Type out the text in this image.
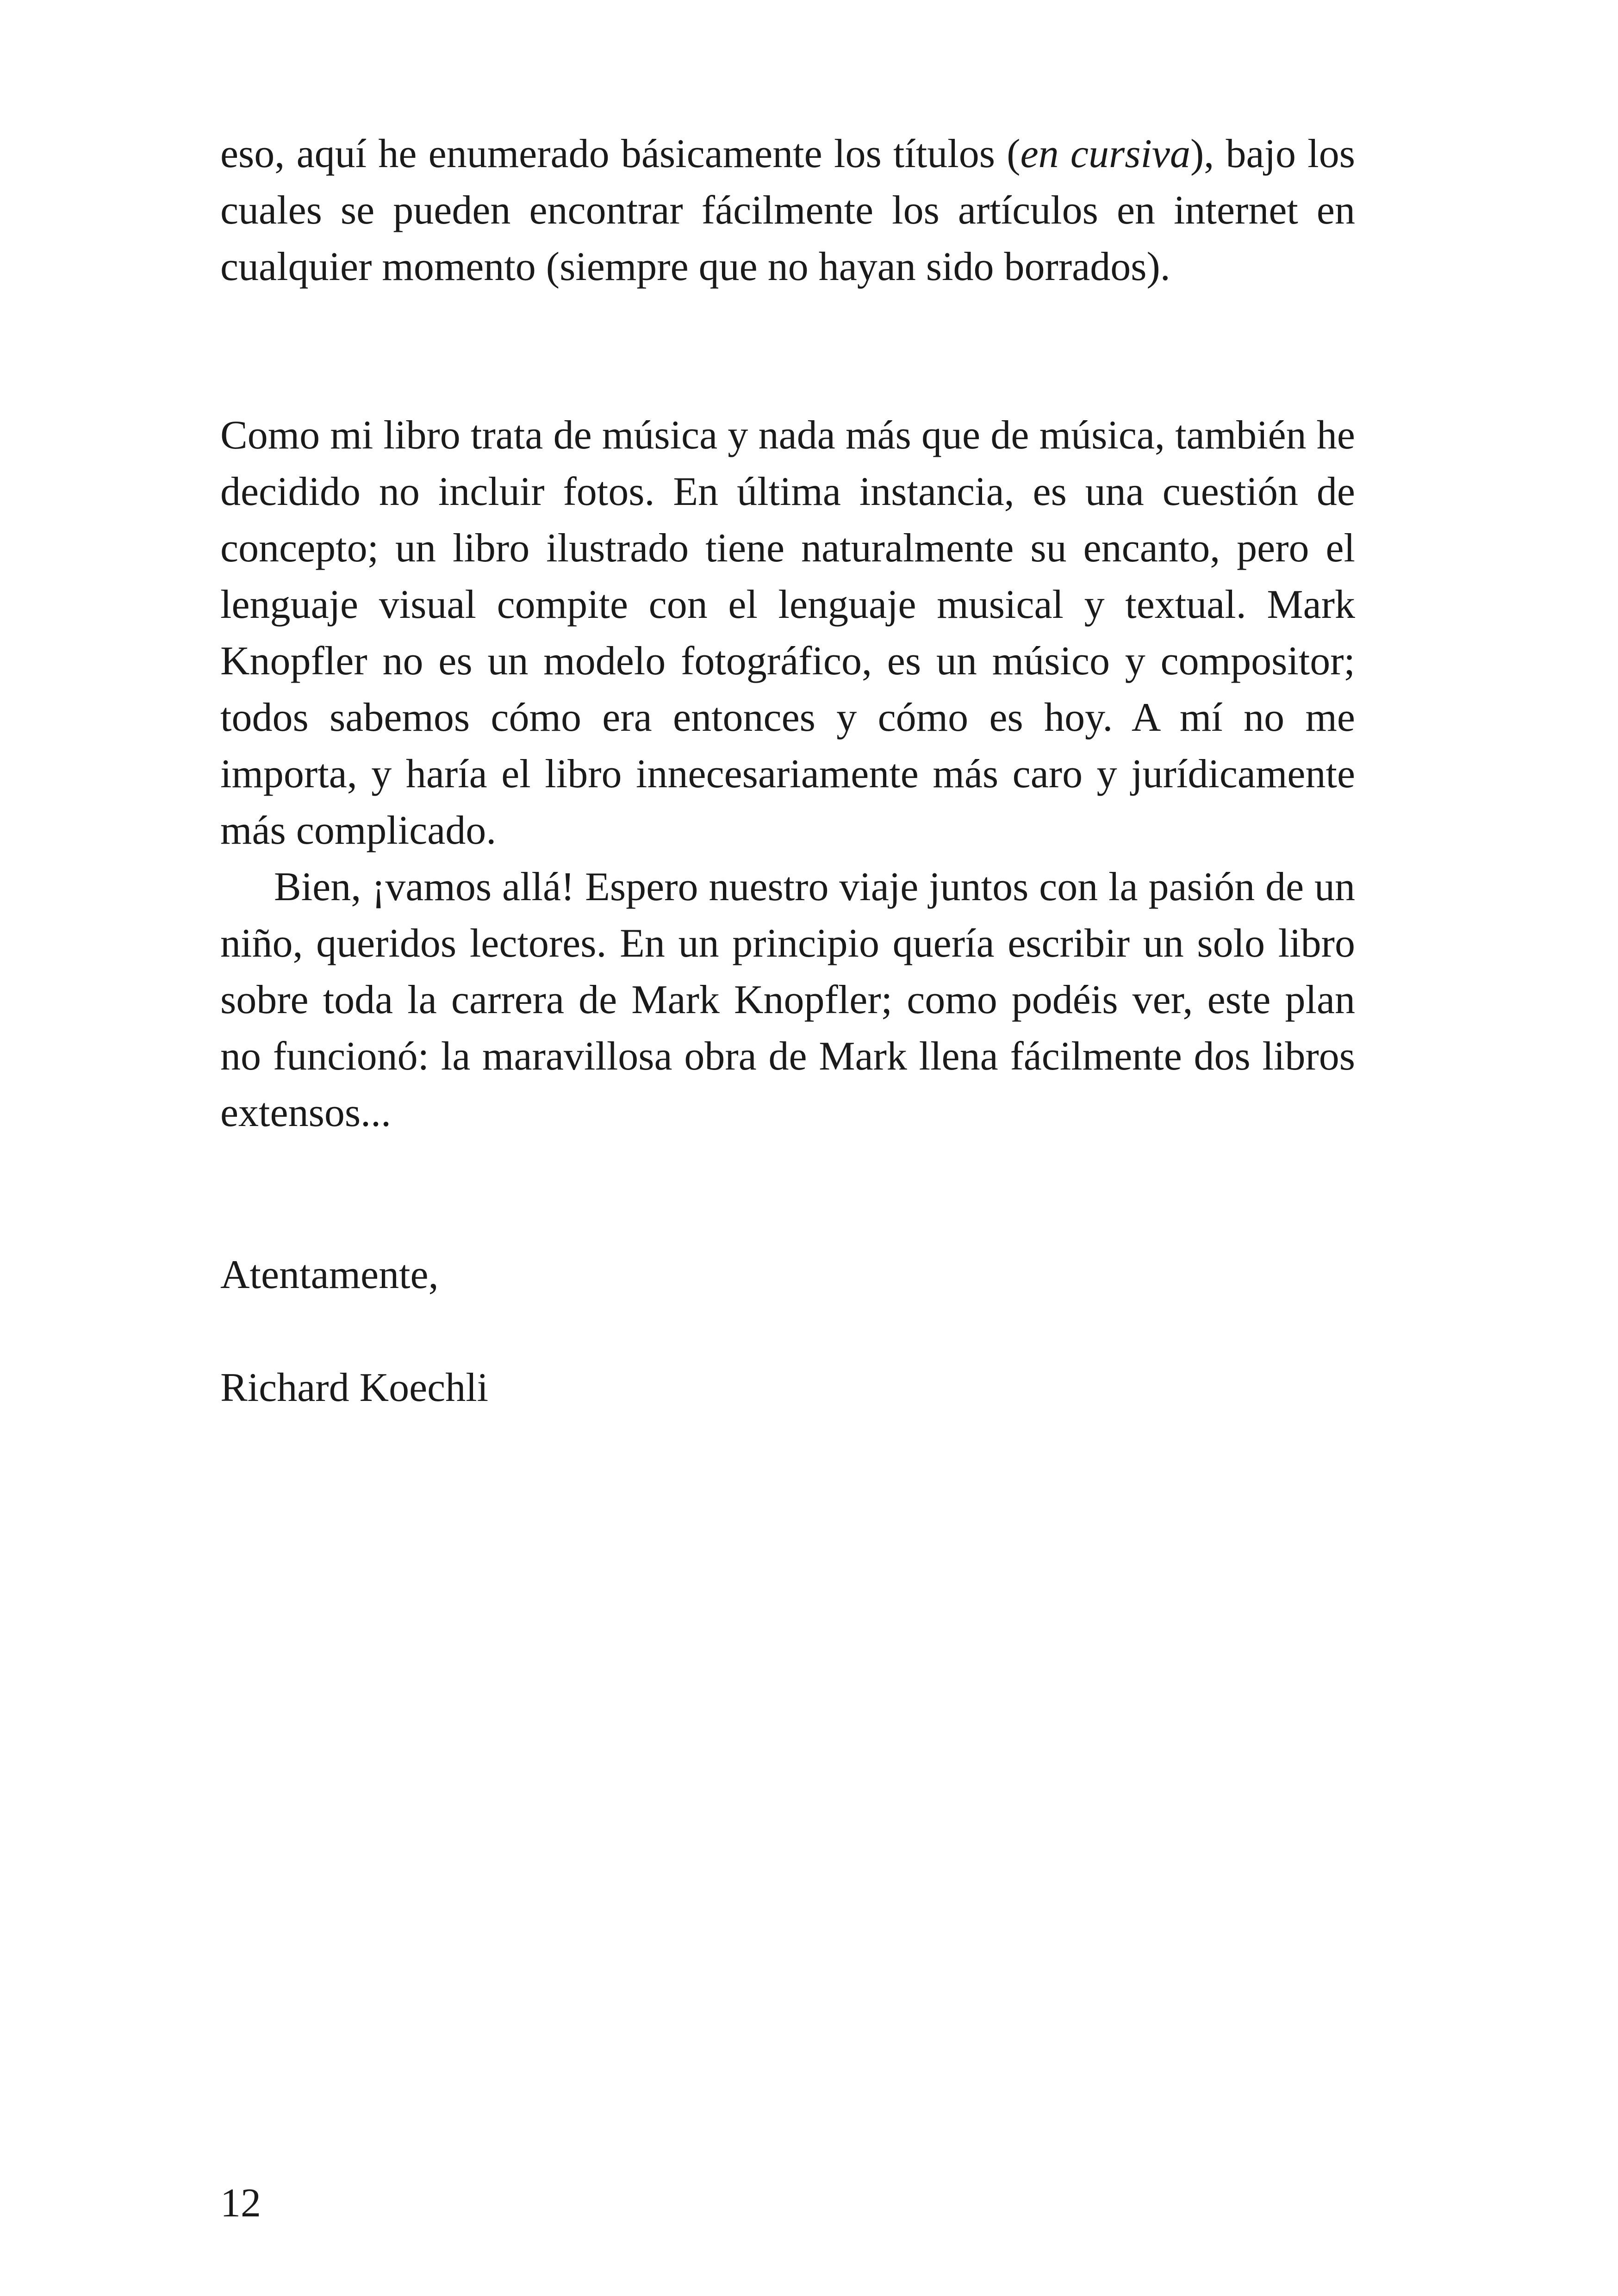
eso, aquí he enumerado básicamente los títulos (en cursiva), bajo los cuales se pueden encontrar fácilmente los artículos en internet en cualquier momento (siempre que no hayan sido borrados).

Como mi libro trata de música y nada más que de música, también he decidido no incluir fotos. En última instancia, es una cuestión de concepto; un libro ilustrado tiene naturalmente su encanto, pero el lenguaje visual compite con el lenguaje musical y textual. Mark Knopfler no es un modelo fotográfico, es un músico y compositor; todos sabemos cómo era entonces y cómo es hoy. A mí no me importa, y haría el libro innecesariamente más caro y jurídicamente más complicado.

Bien, ¡vamos allá! Espero nuestro viaje juntos con la pasión de un niño, queridos lectores. En un principio quería escribir un solo libro sobre toda la carrera de Mark Knopfler; como podéis ver, este plan no funcionó: la maravillosa obra de Mark llena fácilmente dos libros extensos...

Atentamente,

Richard Koechli

12
